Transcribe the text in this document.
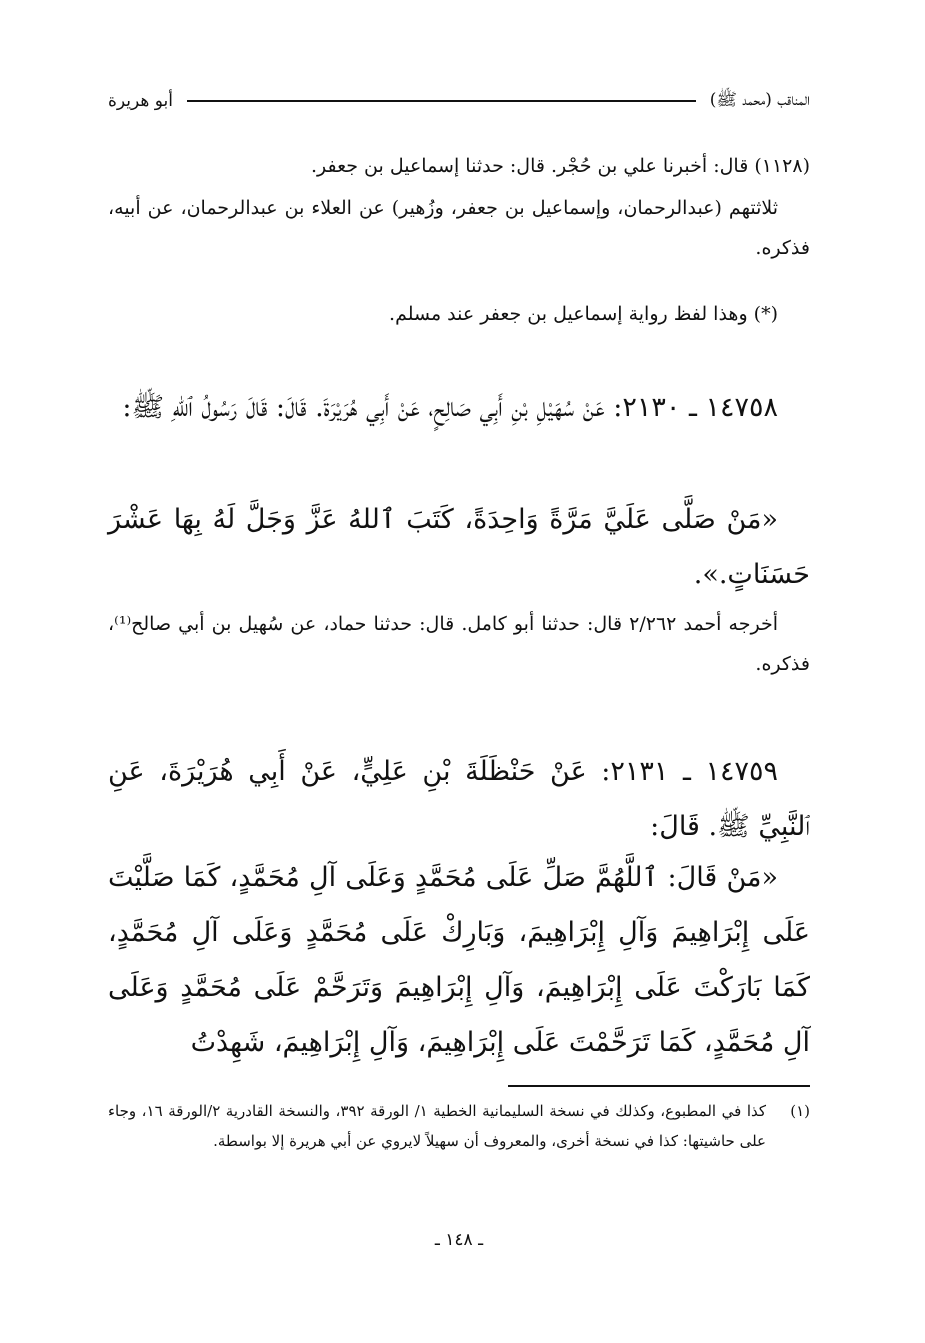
المناقب (محمد ﷺ)
أبو هريرة
(١١٢٨) قال: أخبرنا علي بن حُجْر. قال: حدثنا إسماعيل بن جعفر.
ثلاثتهم (عبدالرحمان، وإسماعيل بن جعفر، وزُهير) عن العلاء بن عبدالرحمان، عن أبيه، فذكره.
(*) وهذا لفظ رواية إسماعيل بن جعفر عند مسلم.
١٤٧٥٨ ـ ٢١٣٠: عَنْ سُهَيْلِ بْنِ أَبِي صَالِحٍ، عَنْ أَبِي هُرَيْرَةَ. قَالَ: قَالَ رَسُولُ ٱللهِ ﷺ:
«مَنْ صَلَّى عَلَيَّ مَرَّةً وَاحِدَةً، كَتَبَ ٱللهُ عَزَّ وَجَلَّ لَهُ بِهَا عَشْرَ حَسَنَاتٍ.».
أخرجه أحمد ٢/٢٦٢ قال: حدثنا أبو كامل. قال: حدثنا حماد، عن سُهيل بن أبي صالح⁽¹⁾، فذكره.
١٤٧٥٩ ـ ٢١٣١: عَنْ حَنْظَلَةَ بْنِ عَلِيٍّ، عَنْ أَبِي هُرَيْرَةَ، عَنِ ٱلنَّبِيِّ ﷺ. قَالَ:
«مَنْ قَالَ: ٱللَّهُمَّ صَلِّ عَلَى مُحَمَّدٍ وَعَلَى آلِ مُحَمَّدٍ، كَمَا صَلَّيْتَ عَلَى إِبْرَاهِيمَ وَآلِ إِبْرَاهِيمَ، وَبَارِكْ عَلَى مُحَمَّدٍ وَعَلَى آلِ مُحَمَّدٍ، كَمَا بَارَكْتَ عَلَى إِبْرَاهِيمَ، وَآلِ إِبْرَاهِيمَ وَتَرَحَّمْ عَلَى مُحَمَّدٍ وَعَلَى آلِ مُحَمَّدٍ، كَمَا تَرَحَّمْتَ عَلَى إِبْرَاهِيمَ، وَآلِ إِبْرَاهِيمَ، شَهِدْتُ
(١)
كذا في المطبوع، وكذلك في نسخة السليمانية الخطية ١/ الورقة ٣٩٢، والنسخة القادرية ٢/الورقة ١٦، وجاء على حاشيتها: كذا في نسخة أخرى، والمعروف أن سهيلاً لايروي عن أبي هريرة إلا بواسطة.
ـ ١٤٨ ـ
